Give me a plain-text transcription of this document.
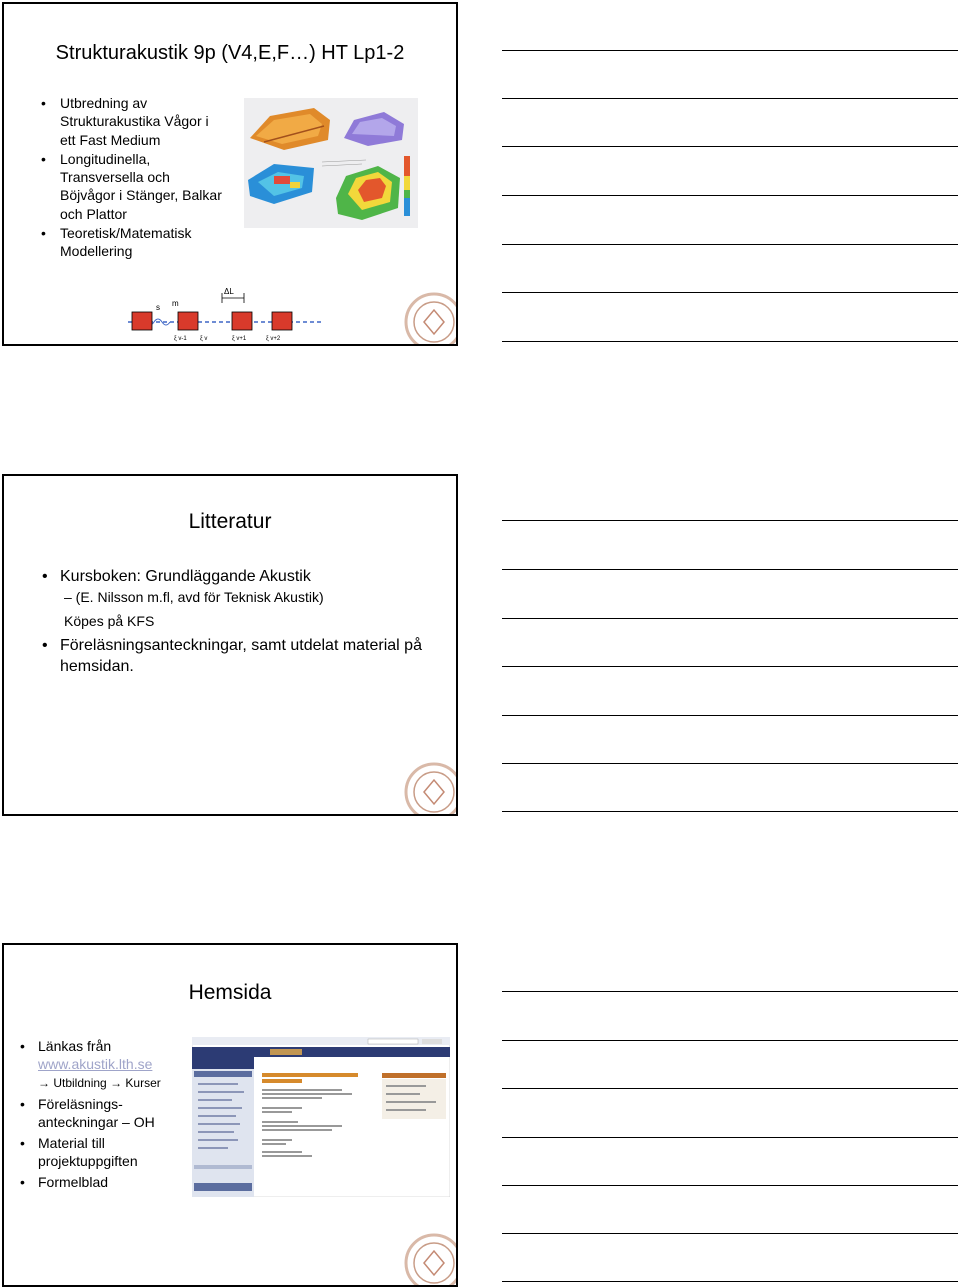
Strukturakustik 9p (V4,E,F…) HT Lp1-2
• Utbredning av Strukturakustika Vågor i ett Fast Medium
• Longitudinella, Transversella och Böjvågor i Stänger, Balkar och Plattor
• Teoretisk/Matematisk Modellering
s m
ΔL
ξ v-1 ξ v	ξ v+1	ξ v+2
Litteratur
• Kursboken: Grundläggande Akustik
– (E. Nilsson m.fl, avd för Teknisk Akustik)
Köpes på KFS
• Föreläsningsanteckningar, samt utdelat material på hemsidan.
Hemsida
• Länkas från
www.akustik.lth.se
→ Utbildning → Kurser
• Föreläsnings-anteckningar – OH
• Material till projektuppgiften
• Formelblad
